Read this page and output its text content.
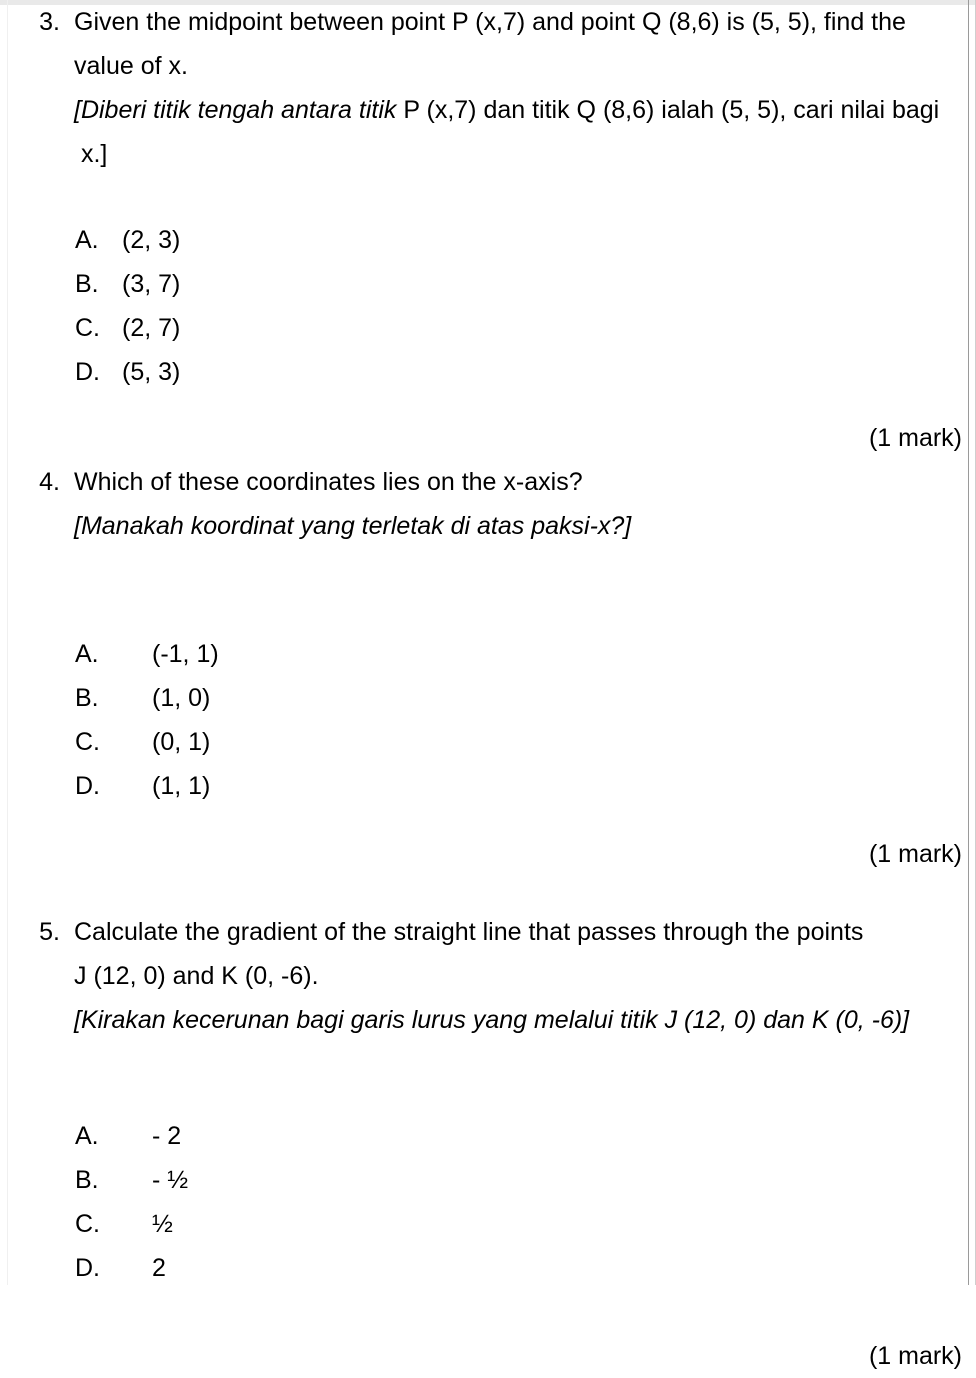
3. Given the midpoint between point P (x,7) and point Q (8,6) is (5, 5), find the
value of x.
[Diberi titik tengah antara titik P (x,7) dan titik Q (8,6) ialah (5, 5), cari nilai bagi
x.]
A. (2, 3)
B. (3, 7)
C. (2, 7)
D. (5, 3)
(1 mark)
4. Which of these coordinates lies on the x-axis?
[Manakah koordinat yang terletak di atas paksi-x?]
A.	(-1, 1)
B.	(1, 0)
C.	(0, 1)
D.	(1, 1)
(1 mark)
5. Calculate the gradient of the straight line that passes through the points
J (12, 0) and K (0, -6).
[Kirakan kecerunan bagi garis lurus yang melalui titik J (12, 0) dan K (0, -6)]
A.	- 2
B.	- ½
C.	½
D.	2
(1 mark)
